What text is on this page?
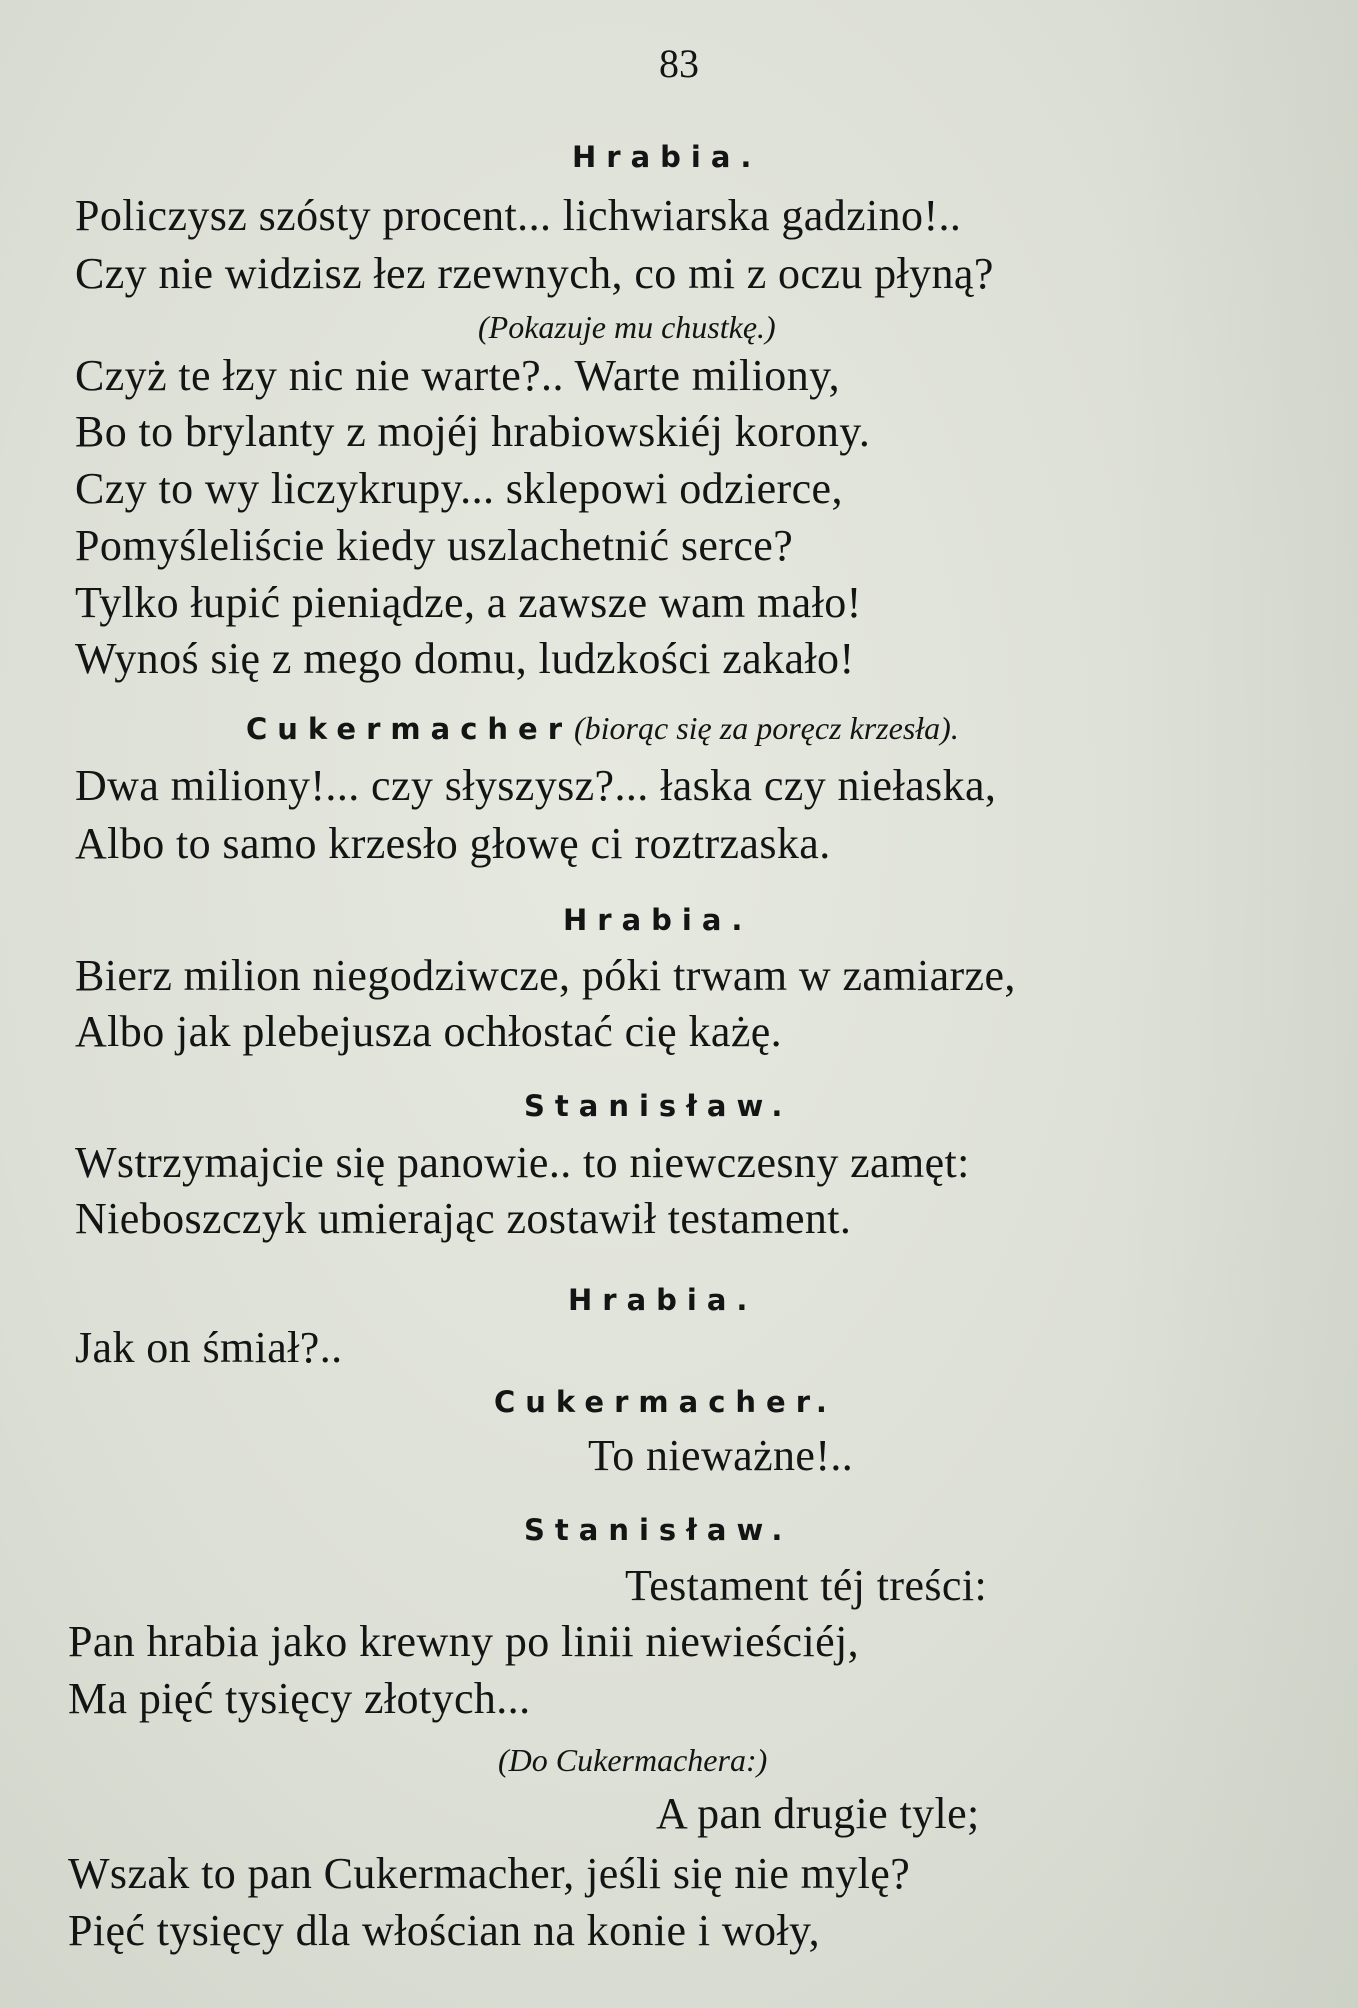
83
Hrabia.
Policzysz szósty procent... lichwiarska gadzino!..
Czy nie widzisz łez rzewnych, co mi z oczu płyną?
(Pokazuje mu chustkę.)
Czyż te łzy nic nie warte?.. Warte miliony,
Bo to brylanty z mojéj hrabiowskiéj korony.
Czy to wy liczykrupy... sklepowi odzierce,
Pomyśleliście kiedy uszlachetnić serce?
Tylko łupić pieniądze, a zawsze wam mało!
Wynoś się z mego domu, ludzkości zakało!
Cukermacher(biorąc się za poręcz krzesła).
Dwa miliony!... czy słyszysz?... łaska czy niełaska,
Albo to samo krzesło głowę ci roztrzaska.
Hrabia.
Bierz milion niegodziwcze, póki trwam w zamiarze,
Albo jak plebejusza ochłostać cię każę.
Stanisław.
Wstrzymajcie się panowie.. to niewczesny zamęt:
Nieboszczyk umierając zostawił testament.
Hrabia.
Jak on śmiał?..
Cukermacher.
To nieważne!..
Stanisław.
Testament téj treści:
Pan hrabia jako krewny po linii niewieściéj,
Ma pięć tysięcy złotych...
(Do Cukermachera:)
A pan drugie tyle;
Wszak to pan Cukermacher, jeśli się nie mylę?
Pięć tysięcy dla włościan na konie i woły,
